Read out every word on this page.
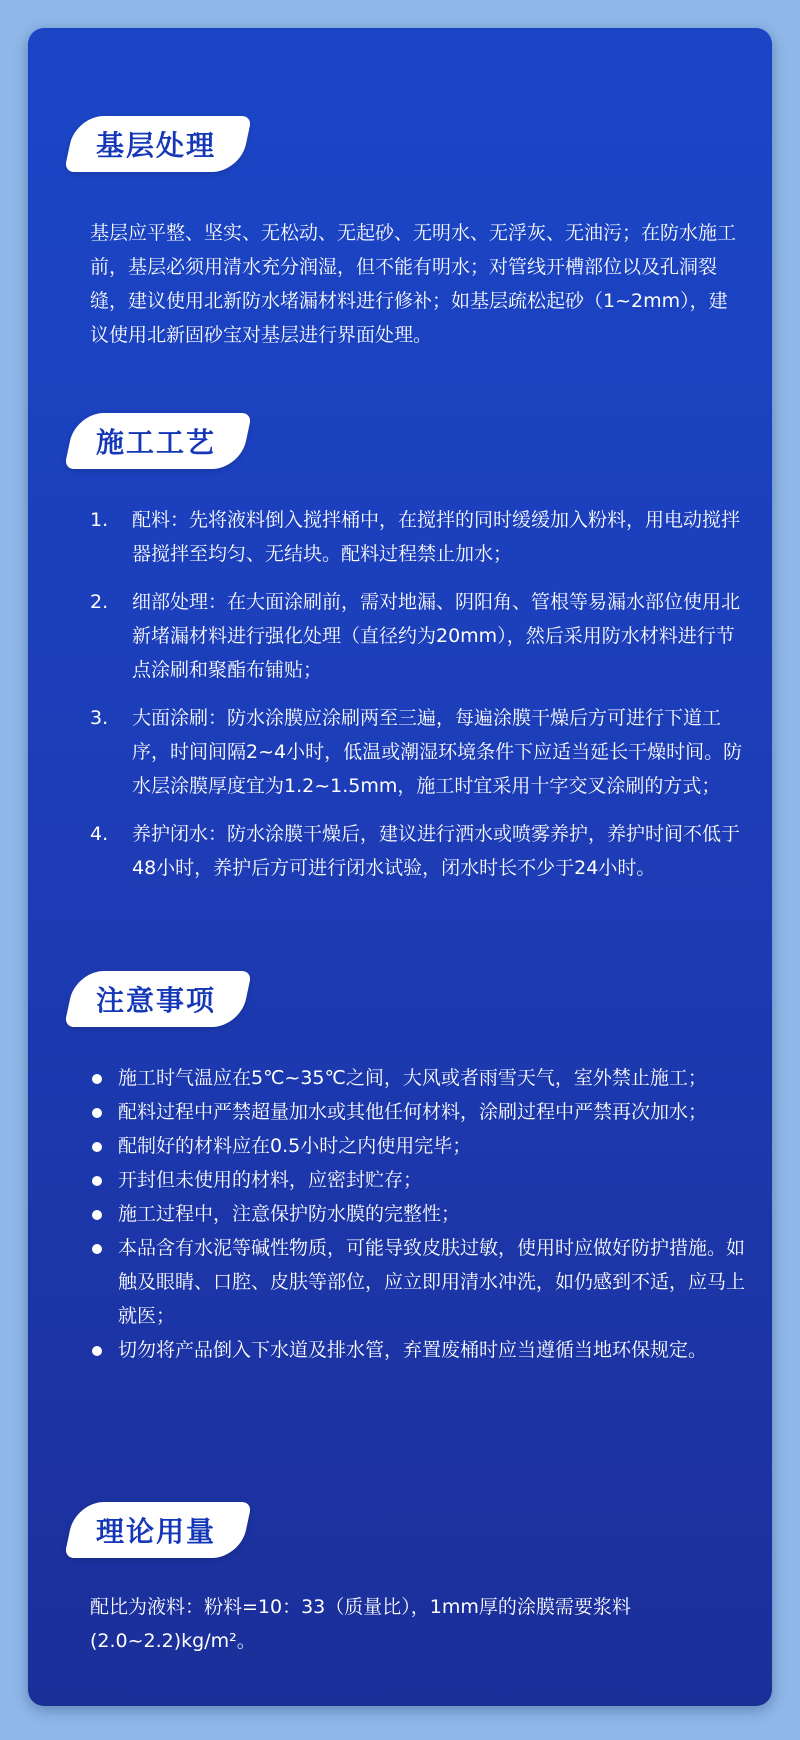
基层处理

基层应平整、坚实、无松动、无起砂、无明水、无浮灰、无油污；在防水施工前，基层必须用清水充分润湿，但不能有明水；对管线开槽部位以及孔洞裂缝，建议使用北新防水堵漏材料进行修补；如基层疏松起砂（1~2mm），建议使用北新固砂宝对基层进行界面处理。

施工工艺
1. 配料：先将液料倒入搅拌桶中，在搅拌的同时缓缓加入粉料，用电动搅拌器搅拌至均匀、无结块。配料过程禁止加水；
2. 细部处理：在大面涂刷前，需对地漏、阴阳角、管根等易漏水部位使用北新堵漏材料进行强化处理（直径约为20mm），然后采用防水材料进行节点涂刷和聚酯布铺贴；
3. 大面涂刷：防水涂膜应涂刷两至三遍，每遍涂膜干燥后方可进行下道工序，时间间隔2~4小时，低温或潮湿环境条件下应适当延长干燥时间。防水层涂膜厚度宜为1.2~1.5mm，施工时宜采用十字交叉涂刷的方式；
4. 养护闭水：防水涂膜干燥后，建议进行洒水或喷雾养护，养护时间不低于48小时，养护后方可进行闭水试验，闭水时长不少于24小时。
注意事项
施工时气温应在5℃~35℃之间，大风或者雨雪天气，室外禁止施工；
配料过程中严禁超量加水或其他任何材料，涂刷过程中严禁再次加水；
配制好的材料应在0.5小时之内使用完毕；
开封但未使用的材料，应密封贮存；
施工过程中，注意保护防水膜的完整性；
本品含有水泥等碱性物质，可能导致皮肤过敏，使用时应做好防护措施。如触及眼睛、口腔、皮肤等部位，应立即用清水冲洗，如仍感到不适，应马上就医；
切勿将产品倒入下水道及排水管，弃置废桶时应当遵循当地环保规定。
理论用量

配比为液料：粉料=10：33（质量比），1mm厚的涂膜需要浆料(2.0~2.2)kg/m²。
